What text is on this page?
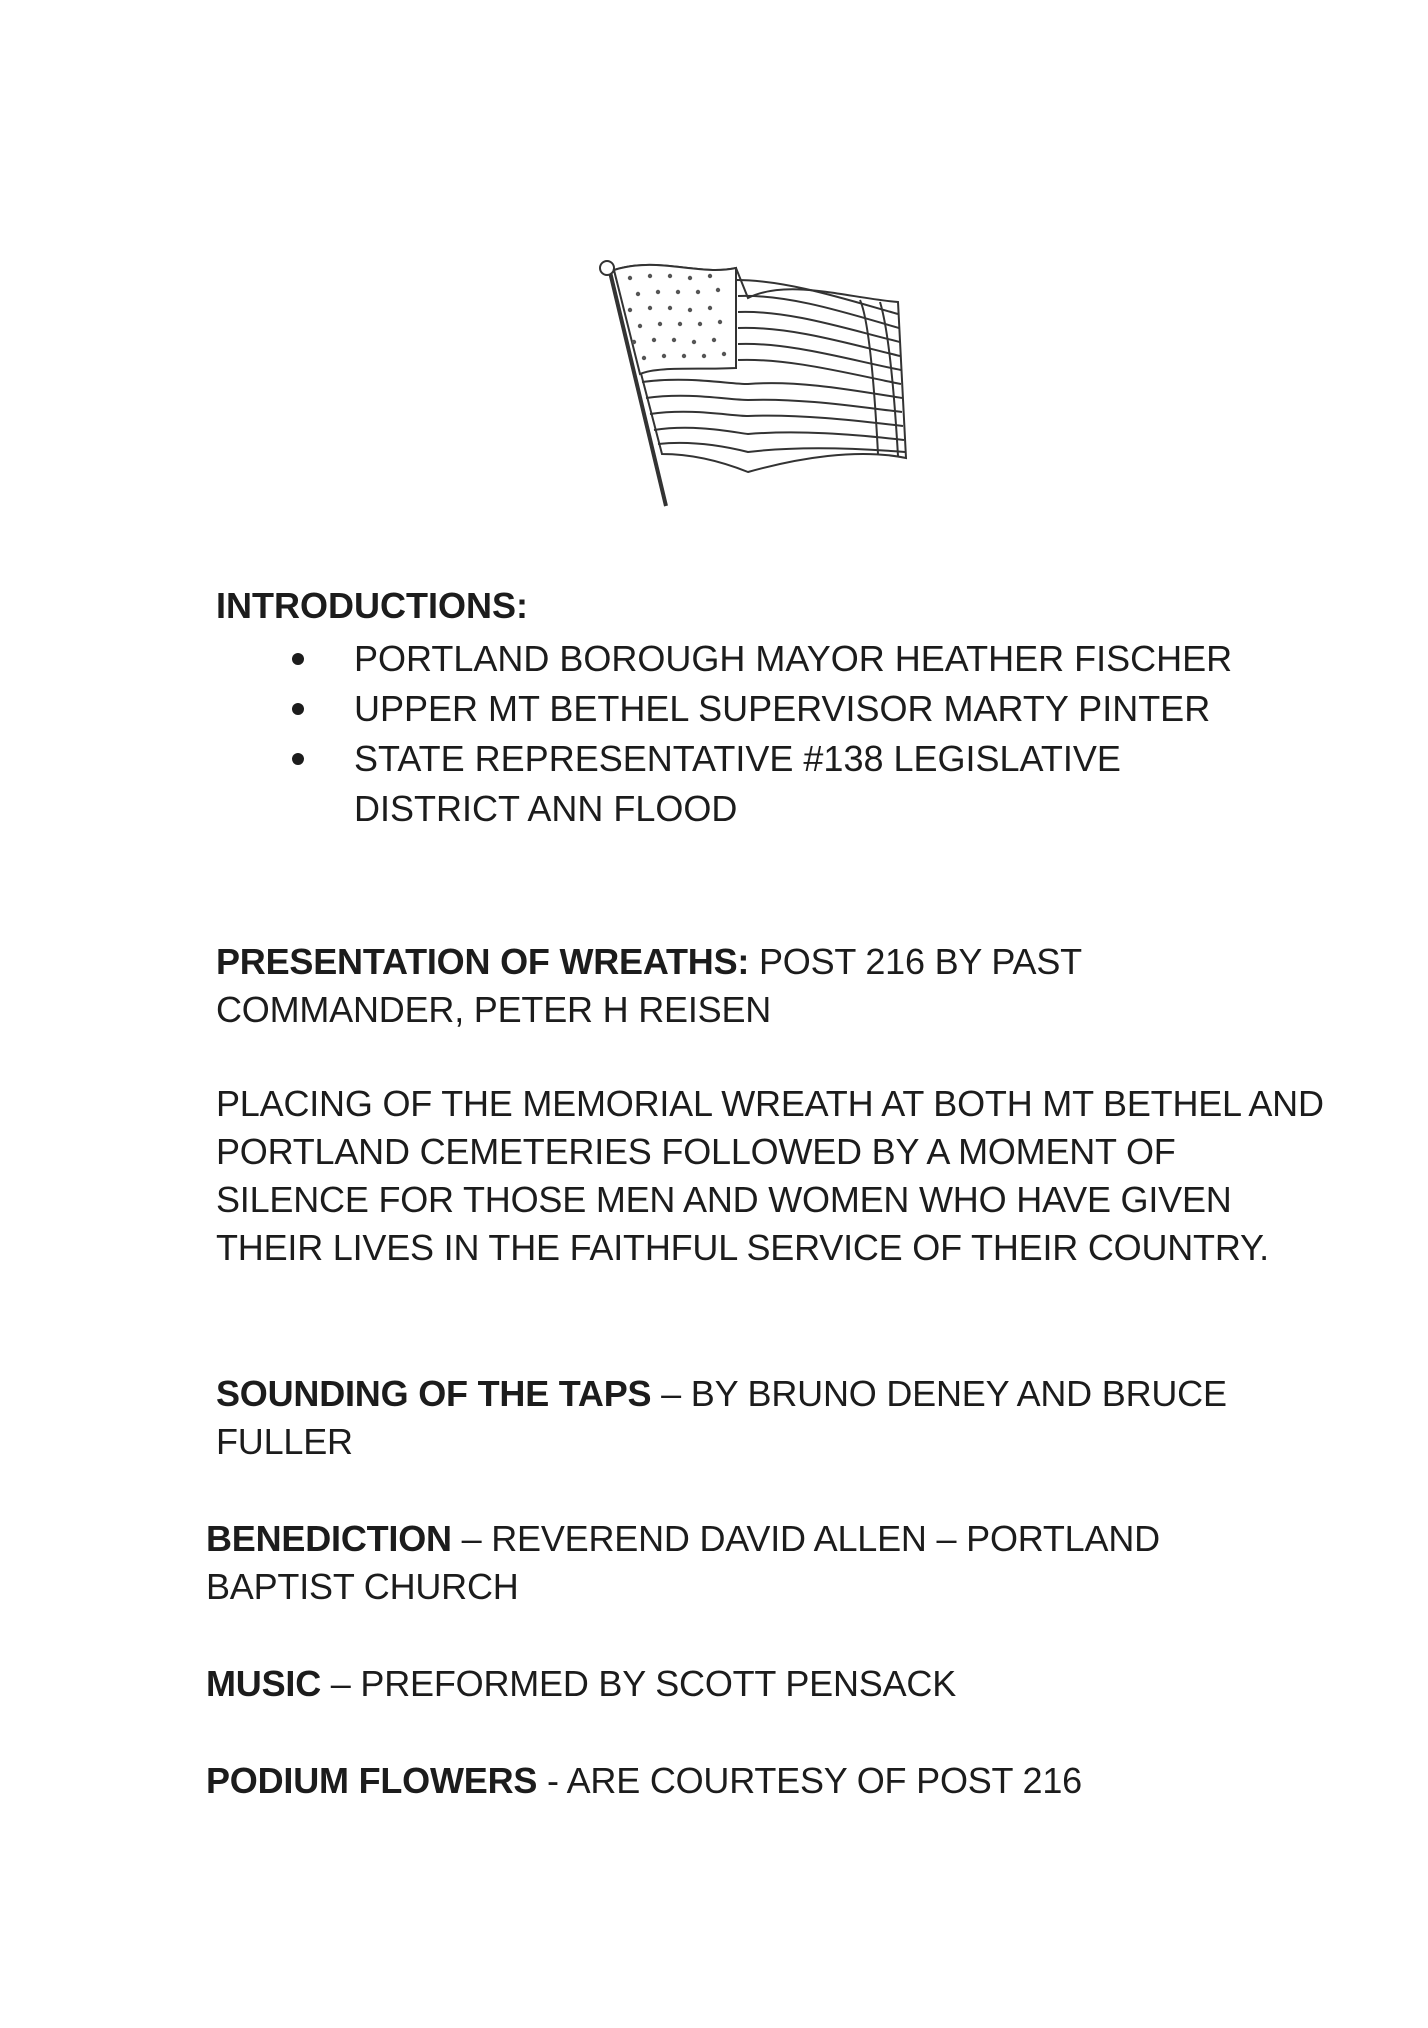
INTRODUCTIONS:
PORTLAND BOROUGH MAYOR HEATHER FISCHER
UPPER MT BETHEL SUPERVISOR MARTY PINTER
STATE REPRESENTATIVE #138 LEGISLATIVE DISTRICT ANN FLOOD
PRESENTATION OF WREATHS: POST 216 BY PAST COMMANDER, PETER H REISEN
PLACING OF THE MEMORIAL WREATH AT BOTH MT BETHEL AND PORTLAND CEMETERIES FOLLOWED BY A MOMENT OF SILENCE FOR THOSE MEN AND WOMEN WHO HAVE GIVEN THEIR LIVES IN THE FAITHFUL SERVICE OF THEIR COUNTRY.
SOUNDING OF THE TAPS – BY BRUNO DENEY AND BRUCE FULLER
BENEDICTION – REVEREND DAVID ALLEN – PORTLAND BAPTIST CHURCH
MUSIC – PREFORMED BY SCOTT PENSACK
PODIUM FLOWERS - ARE COURTESY OF POST 216
